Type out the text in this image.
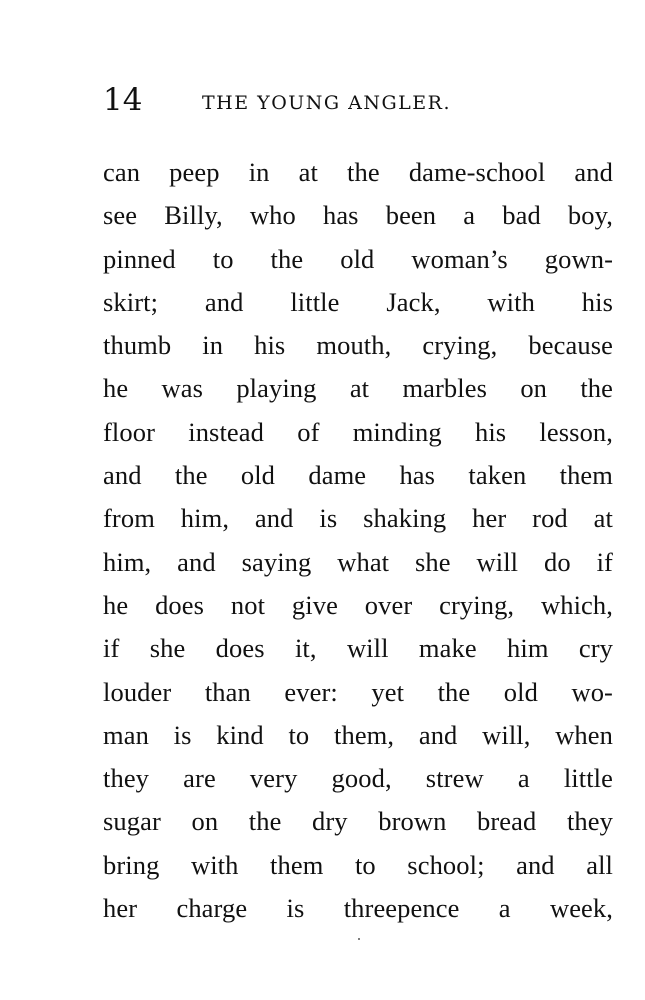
14	THE YOUNG ANGLER.
can peep in at the dame-school and
see Billy, who has been a bad boy,
pinned to the old woman’s gown-
skirt; and little Jack, with his
thumb in his mouth, crying, because
he was playing at marbles on the
floor instead of minding his lesson,
and the old dame has taken them
from him, and is shaking her rod at
him, and saying what she will do if
he does not give over crying, which,
if she does it, will make him cry
louder than ever: yet the old wo-
man is kind to them, and will, when
they are very good, strew a little
sugar on the dry brown bread they
bring with them to school; and all
her charge is threepence a week,
